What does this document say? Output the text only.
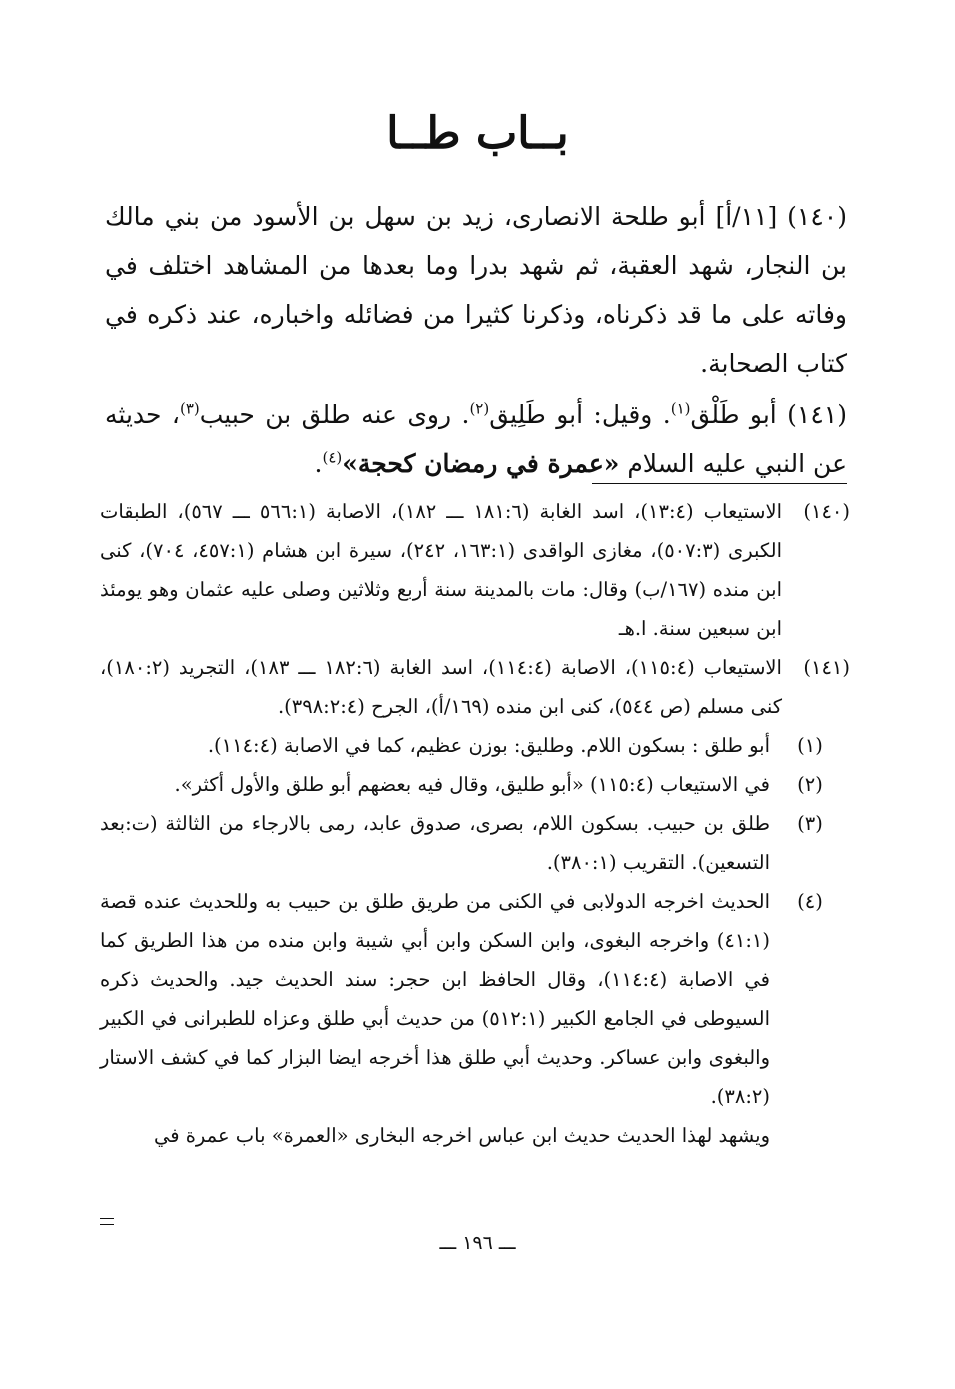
بــاب طــا

(١٤٠) [١١/أ] أبو طلحة الانصارى، زيد بن سهل بن الأسود من بني مالك بن النجار، شهد العقبة، ثم شهد بدرا وما بعدها من المشاهد اختلف في وفاته على ما قد ذكرناه، وذكرنا كثيرا من فضائله واخباره، عند ذكره في كتاب الصحابة.

(١٤١) أبو طَلْق$^{(١)}$. وقيل: أبو طَلِيق$^{(٢)}$. روى عنه طلق بن حبيب$^{(٣)}$، حديثه عن النبي عليه السلام «عمرة في رمضان كحجة»$^{(٤)}$.

(١٤٠)
الاستيعاب (١٣:٤)، اسد الغابة (١٨١:٦ ـــ ١٨٢)، الاصابة (٥٦٦:١ ـــ ٥٦٧)، الطبقات الكبرى (٥٠٧:٣)، مغازى الواقدى (١٦٣:١، ٢٤٢)، سيرة ابن هشام (٤٥٧:١، ٧٠٤)، كنى ابن منده (١٦٧/ب) وقال: مات بالمدينة سنة أربع وثلاثين وصلى عليه عثمان وهو يومئذ ابن سبعين سنة. ا.هـ
(١٤١)
الاستيعاب (١١٥:٤)، الاصابة (١١٤:٤)، اسد الغابة (١٨٢:٦ ـــ ١٨٣)، التجريد (١٨٠:٢)، كنى مسلم (ص ٥٤٤)، كنى ابن منده (١٦٩/أ)، الجرح (٣٩٨:٢:٤).
(١)
أبو طلق : بسكون اللام. وطليق: بوزن عظيم، كما في الاصابة (١١٤:٤).
(٢)
في الاستيعاب (١١٥:٤) «أبو طليق، وقال فيه بعضهم أبو طلق والأول أكثر».
(٣)
طلق بن حبيب. بسكون اللام، بصرى، صدوق عابد، رمى بالارجاء من الثالثة (ت:بعد التسعين). التقريب (٣٨٠:١).
(٤)
الحديث اخرجه الدولابى في الكنى من طريق طلق بن حبيب به وللحديث عنده قصة (٤١:١) واخرجه البغوى، وابن السكن وابن أبي شيبة وابن منده من هذا الطريق كما في الاصابة (١١٤:٤)، وقال الحافظ ابن حجر: سند الحديث جيد. والحديث ذكره السيوطى في الجامع الكبير (٥١٢:١) من حديث أبي طلق وعزاه للطبرانى في الكبير والبغوى وابن عساكر. وحديث أبي طلق هذا أخرجه ايضا البزار كما في كشف الاستار (٣٨:٢).

ويشهد لهذا الحديث حديث ابن عباس اخرجه البخارى «العمرة» باب عمرة في

ـــ ١٩٦ ـــ
